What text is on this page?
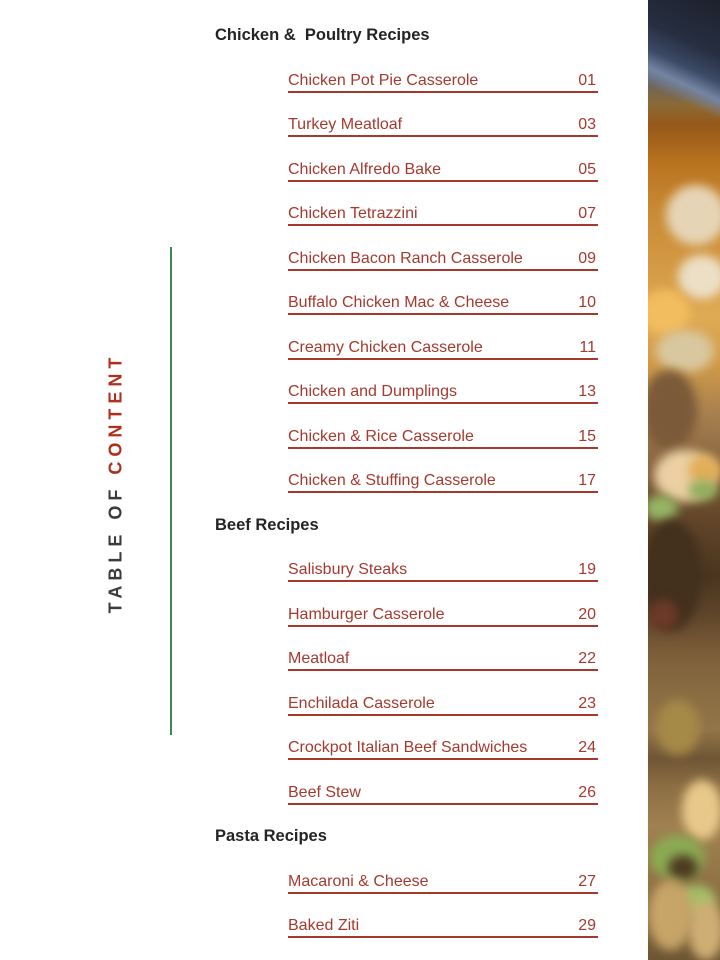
TABLE OF CONTENT
Chicken &  Poultry Recipes
Chicken Pot Pie Casserole	01
Turkey Meatloaf	03
Chicken Alfredo Bake	05
Chicken Tetrazzini	07
Chicken Bacon Ranch Casserole	09
Buffalo Chicken Mac & Cheese	10
Creamy Chicken Casserole	11
Chicken and Dumplings	13
Chicken & Rice Casserole	15
Chicken & Stuffing Casserole	17
Beef Recipes
Salisbury Steaks	19
Hamburger Casserole	20
Meatloaf	22
Enchilada Casserole	23
Crockpot Italian Beef Sandwiches	24
Beef Stew	26
Pasta Recipes
Macaroni & Cheese	27
Baked Ziti	29
